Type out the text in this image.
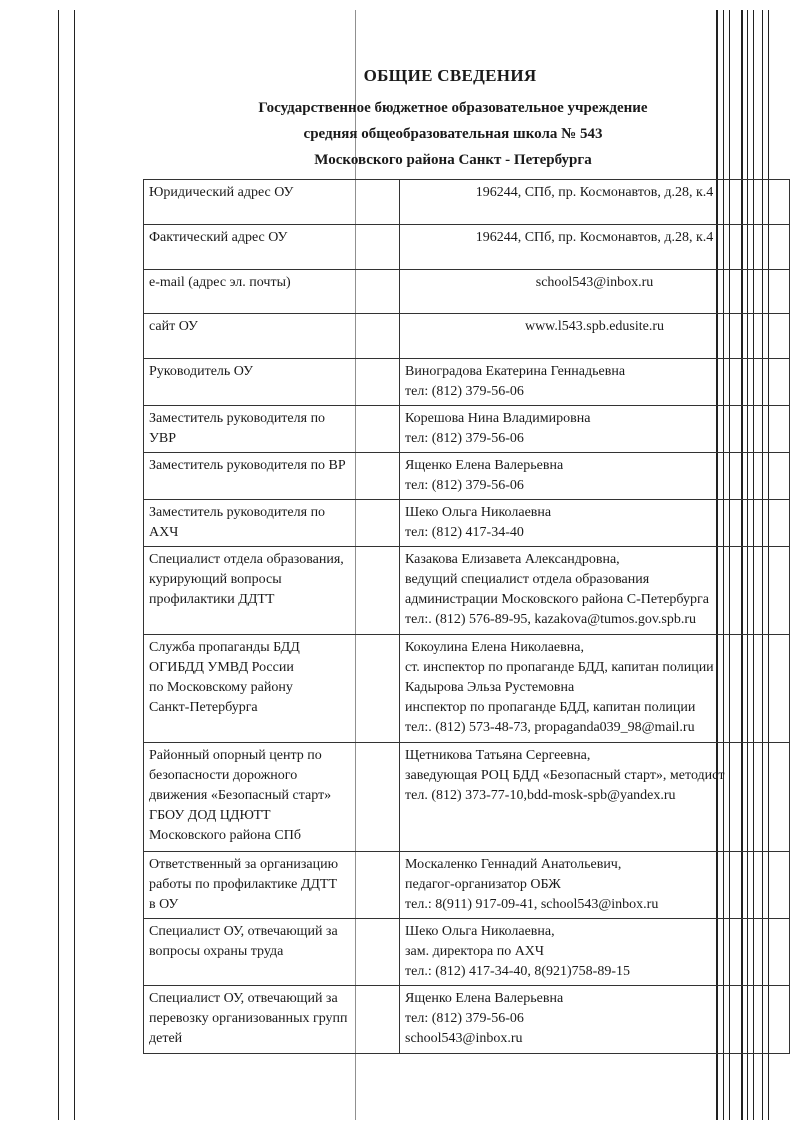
ОБЩИЕ СВЕДЕНИЯ
Государственное бюджетное образовательное учреждение
средняя общеобразовательная школа № 543
Московского района Санкт - Петербурга
Юридический адрес ОУ	196244, СПб, пр. Космонавтов, д.28, к.4

Фактический адрес ОУ	196244, СПб, пр. Космонавтов, д.28, к.4

e-mail (адрес эл. почты)	school543@inbox.ru

сайт ОУ	www.l543.spb.edusite.ru

Руководитель ОУ	Виноградова Екатерина Геннадьевна
тел: (812) 379-56-06

Заместитель руководителя по
УВР	Корешова Нина Владимировна
тел: (812) 379-56-06

Заместитель руководителя по ВР	Ященко Елена Валерьевна
тел: (812) 379-56-06

Заместитель руководителя по
АХЧ	Шеко Ольга Николаевна
тел: (812) 417-34-40

Специалист отдела образования,
курирующий вопросы
профилактики ДДТТ	Казакова Елизавета Александровна,
ведущий специалист отдела образования
администрации Московского района С-Петербурга
тел:. (812) 576-89-95, kazakova@tumos.gov.spb.ru

Служба пропаганды БДД
ОГИБДД УМВД России
по Московскому району
Санкт-Петербурга	Кокоулина Елена Николаевна,
ст. инспектор по пропаганде БДД, капитан полиции
Кадырова Эльза Рустемовна
инспектор по пропаганде БДД, капитан полиции
тел:. (812) 573-48-73, propaganda039_98@mail.ru

Районный опорный центр по
безопасности дорожного
движения «Безопасный старт»
ГБОУ ДОД ЦДЮТТ
Московского района СПб	Щетникова Татьяна Сергеевна,
заведующая РОЦ БДД «Безопасный старт», методист
тел. (812) 373-77-10,bdd-mosk-spb@yandex.ru

Ответственный за организацию
работы по профилактике ДДТТ
в ОУ	Москаленко Геннадий Анатольевич,
педагог-организатор ОБЖ
тел.: 8(911) 917-09-41, school543@inbox.ru

Специалист ОУ, отвечающий за
вопросы охраны труда	Шеко Ольга Николаевна,
зам. директора по АХЧ
тел.: (812) 417-34-40, 8(921)758-89-15

Специалист ОУ, отвечающий за
перевозку организованных групп
детей	Ященко Елена Валерьевна
тел: (812) 379-56-06
school543@inbox.ru
